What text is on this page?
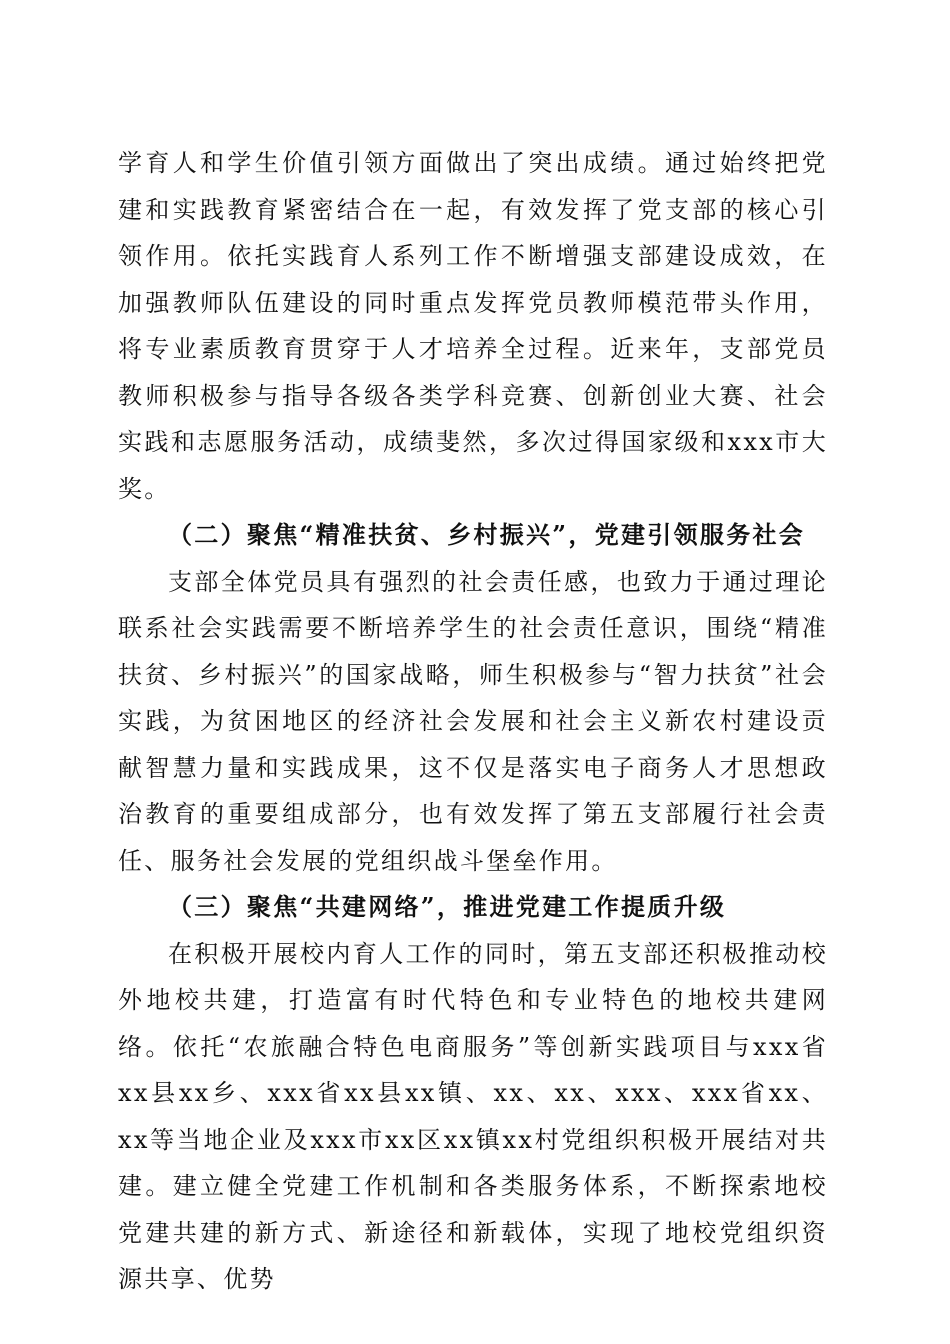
学育人和学生价值引领方面做出了突出成绩。通过始终把党建和实践教育紧密结合在一起，有效发挥了党支部的核心引领作用。依托实践育人系列工作不断增强支部建设成效，在加强教师队伍建设的同时重点发挥党员教师模范带头作用，将专业素质教育贯穿于人才培养全过程。近来年，支部党员教师积极参与指导各级各类学科竞赛、创新创业大赛、社会实践和志愿服务活动，成绩斐然，多次过得国家级和xxx市大奖。

（二）聚焦“精准扶贫、乡村振兴”，党建引领服务社会

支部全体党员具有强烈的社会责任感，也致力于通过理论联系社会实践需要不断培养学生的社会责任意识，围绕“精准扶贫、乡村振兴”的国家战略，师生积极参与“智力扶贫”社会实践，为贫困地区的经济社会发展和社会主义新农村建设贡献智慧力量和实践成果，这不仅是落实电子商务人才思想政治教育的重要组成部分，也有效发挥了第五支部履行社会责任、服务社会发展的党组织战斗堡垒作用。

（三）聚焦“共建网络”，推进党建工作提质升级

在积极开展校内育人工作的同时，第五支部还积极推动校外地校共建，打造富有时代特色和专业特色的地校共建网络。依托“农旅融合特色电商服务”等创新实践项目与xxx省xx县xx乡、xxx省xx县xx镇、xx、xx、xxx、xxx省xx、xx等当地企业及xxx市xx区xx镇xx村党组织积极开展结对共建。建立健全党建工作机制和各类服务体系，不断探索地校党建共建的新方式、新途径和新载体，实现了地校党组织资源共享、优势
